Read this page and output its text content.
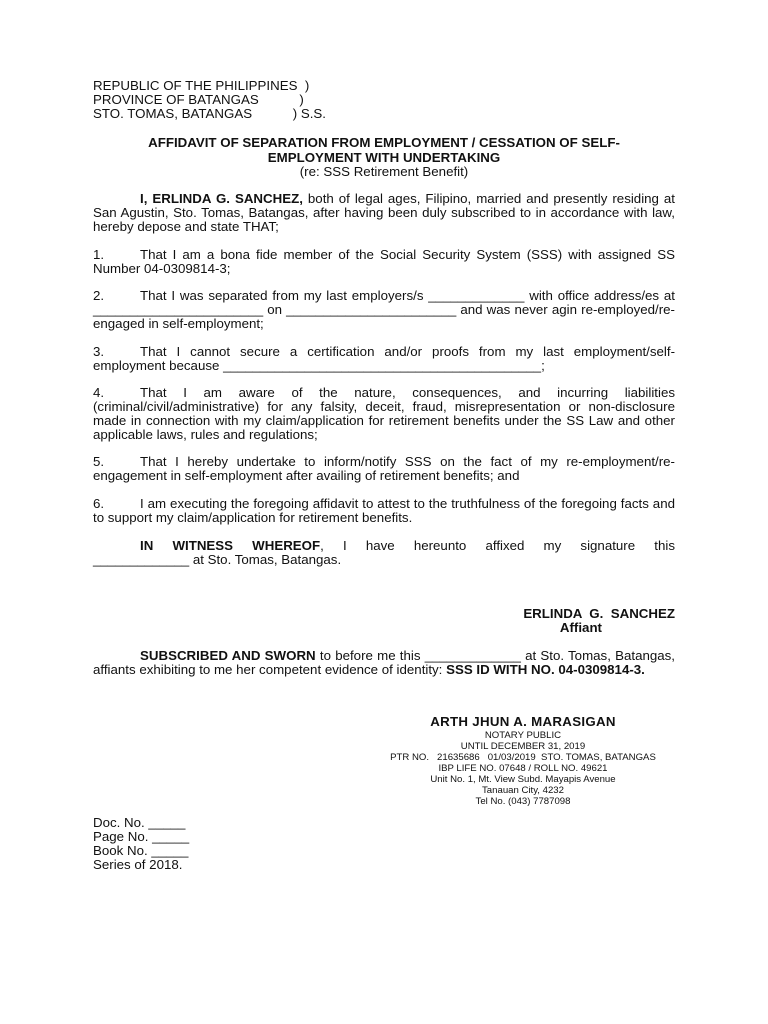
REPUBLIC OF THE PHILIPPINES  )
PROVINCE OF BATANGAS           )
STO. TOMAS, BATANGAS           ) S.S.
AFFIDAVIT OF SEPARATION FROM EMPLOYMENT / CESSATION OF SELF-
EMPLOYMENT WITH UNDERTAKING
(re: SSS Retirement Benefit)
I, ERLINDA G. SANCHEZ, both of legal ages, Filipino, married and presently residing at San Agustin, Sto. Tomas, Batangas, after having been duly subscribed to in accordance with law, hereby depose and state THAT;
1.	That I am a bona fide member of the Social Security System (SSS) with assigned SS Number 04-0309814-3;
2.	That I was separated from my last employers/s _____________ with office address/es at _______________________ on _______________________ and was never agin re-employed/re-engaged in self-employment;
3.	That I cannot secure a certification and/or proofs from my last employment/self-employment because ___________________________________________;
4.	That I am aware of the nature, consequences, and incurring liabilities (criminal/civil/administrative) for any falsity, deceit, fraud, misrepresentation or non-disclosure made in connection with my claim/application for retirement benefits under the SS Law and other applicable laws, rules and regulations;
5.	That I hereby undertake to inform/notify SSS on the fact of my re-employment/re-engagement in self-employment after availing of retirement benefits; and
6.	I am executing the foregoing affidavit to attest to the truthfulness of the foregoing facts and to support my claim/application for retirement benefits.
IN WITNESS WHEREOF, I have hereunto affixed my signature this
_____________ at Sto. Tomas, Batangas.
ERLINDA  G.  SANCHEZ
Affiant
SUBSCRIBED AND SWORN to before me this _____________ at Sto. Tomas, Batangas, affiants exhibiting to me her competent evidence of identity: SSS ID WITH NO. 04-0309814-3.
ARTH JHUN A. MARASIGAN
NOTARY PUBLIC
UNTIL DECEMBER 31, 2019
PTR NO.   21635686   01/03/2019  STO. TOMAS, BATANGAS
IBP LIFE NO. 07648 / ROLL NO. 49621
Unit No. 1, Mt. View Subd. Mayapis Avenue
Tanauan City, 4232
Tel No. (043) 7787098
Doc. No. _____
Page No. _____
Book No. _____
Series of 2018.
